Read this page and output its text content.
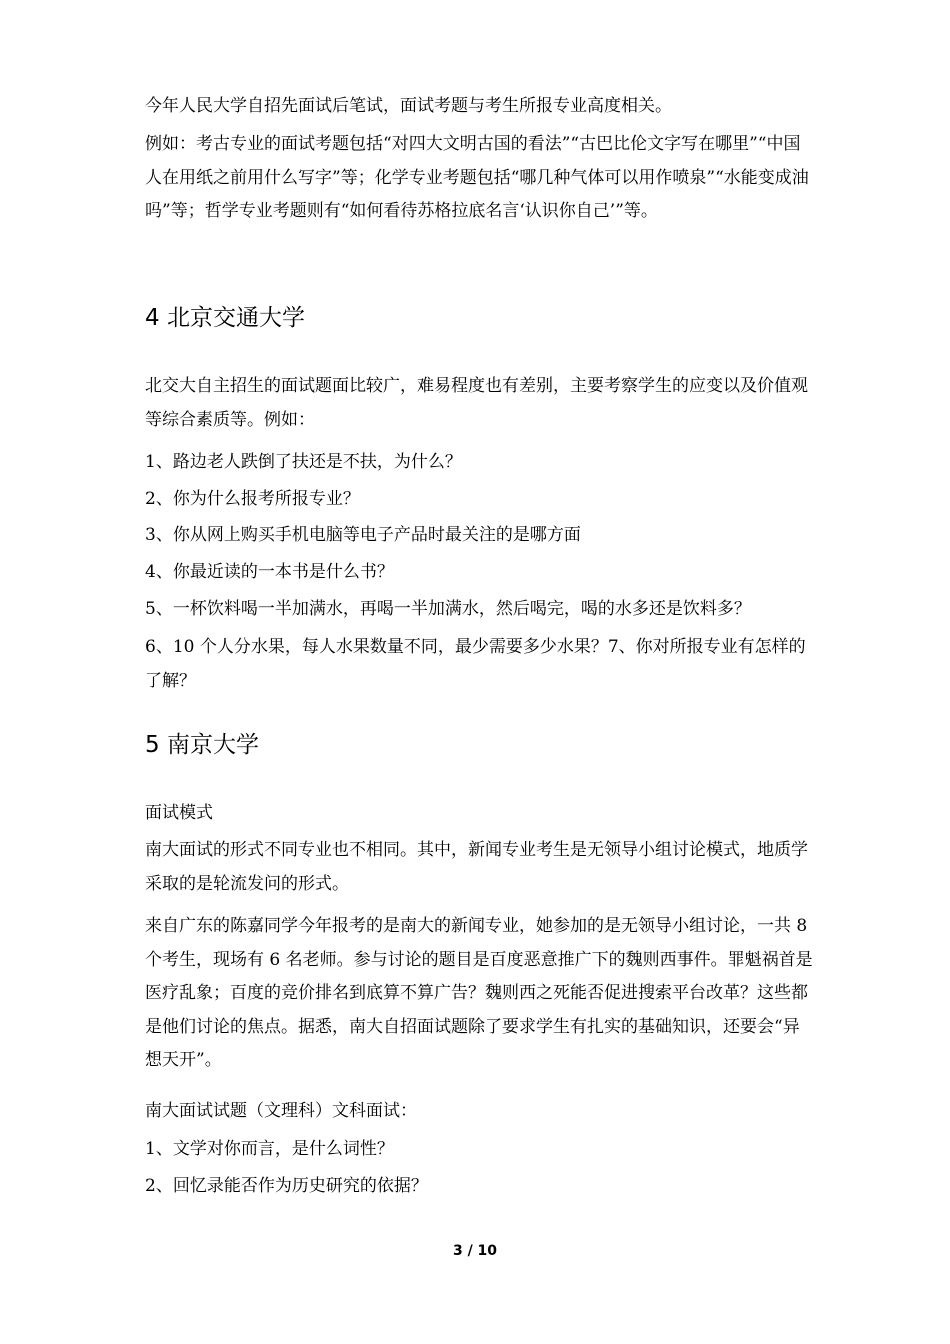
今年人民大学自招先面试后笔试，面试考题与考生所报专业高度相关。

例如：考古专业的面试考题包括“对四大文明古国的看法”“古巴比伦文字写在哪里”“中国人在用纸之前用什么写字”等；化学专业考题包括“哪几种气体可以用作喷泉”“水能变成油吗”等；哲学专业考题则有“如何看待苏格拉底名言‘认识你自己’”等。

4 北京交通大学

北交大自主招生的面试题面比较广，难易程度也有差别，主要考察学生的应变以及价值观等综合素质等。例如：

1、路边老人跌倒了扶还是不扶，为什么？

2、你为什么报考所报专业？

3、你从网上购买手机电脑等电子产品时最关注的是哪方面

4、你最近读的一本书是什么书？

5、一杯饮料喝一半加满水，再喝一半加满水，然后喝完，喝的水多还是饮料多？

6、10 个人分水果，每人水果数量不同，最少需要多少水果？7、你对所报专业有怎样的了解？

5 南京大学

面试模式

南大面试的形式不同专业也不相同。其中，新闻专业考生是无领导小组讨论模式，地质学采取的是轮流发问的形式。

来自广东的陈嘉同学今年报考的是南大的新闻专业，她参加的是无领导小组讨论，一共 8 个考生，现场有 6 名老师。参与讨论的题目是百度恶意推广下的魏则西事件。罪魁祸首是医疗乱象；百度的竞价排名到底算不算广告？魏则西之死能否促进搜索平台改革？这些都是他们讨论的焦点。据悉，南大自招面试题除了要求学生有扎实的基础知识，还要会“异想天开”。

南大面试试题（文理科）文科面试：

1、文学对你而言，是什么词性？

2、回忆录能否作为历史研究的依据？

3 / 10
